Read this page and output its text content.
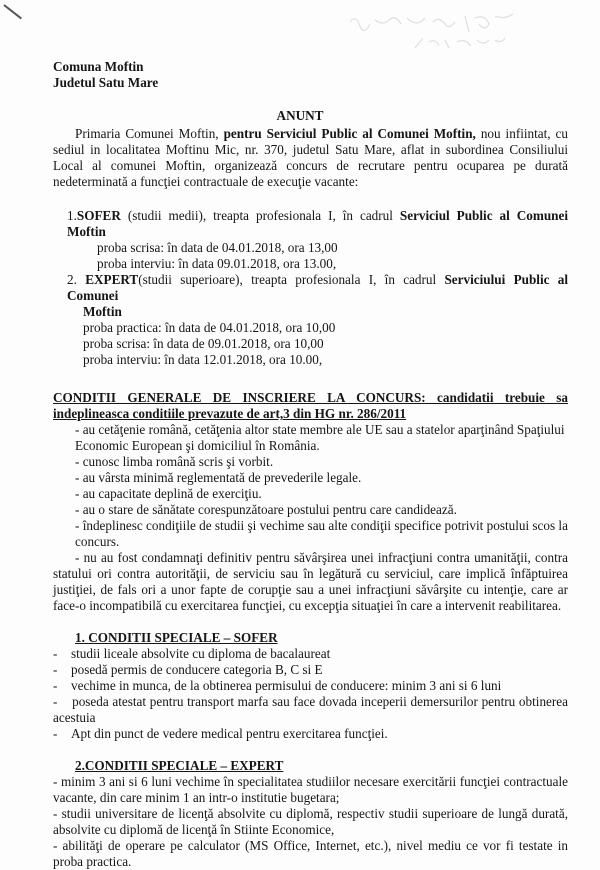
Comuna Moftin
Judetul Satu Mare
ANUNT

Primaria Comunei Moftin, pentru Serviciul Public al Comunei Moftin, nou infiintat, cu sediul in localitatea Moftinu Mic, nr. 370, judetul Satu Mare, aflat in subordinea Consiliului Local al comunei Moftin, organizează concurs de recrutare pentru ocuparea pe durată nedeterminată a funcţiei contractuale de execuţie vacante:

1.SOFER (studii medii), treapta profesionala I, în cadrul Serviciul Public al Comunei Moftin
proba scrisa: în data de 04.01.2018, ora 13,00
proba interviu: în data 09.01.2018, ora 13.00,
2. EXPERT(studii superioare), treapta profesionala I, în cadrul Serviciului Public al Comunei
Moftin
proba practica: în data de 04.01.2018, ora 10,00
proba scrisa: în data de 09.01.2018, ora 10,00
proba interviu: în data 12.01.2018, ora 10.00,

CONDITII GENERALE DE INSCRIERE LA CONCURS: candidatii trebuie sa indeplineasca conditiile prevazute de art,3 din HG nr. 286/2011

- au cetăţenie română, cetăţenia altor state membre ale UE sau a statelor aparţinând Spaţiului Economic European şi domiciliul în România.
- cunosc limba română scris şi vorbit.
- au vârsta minimă reglementată de prevederile legale.
- au capacitate deplină de exerciţiu.
- au o stare de sănătate corespunzătoare postului pentru care candidează.
- îndeplinesc condiţiile de studii şi vechime sau alte condiţii specifice potrivit postului scos la concurs.

- nu au fost condamnaţi definitiv pentru săvârşirea unei infracţiuni contra umanităţii, contra statului ori contra autorităţii, de serviciu sau în legătură cu serviciul, care implică înfăptuirea justiţiei, de fals ori a unor fapte de corupţie sau a unei infracţiuni săvârşite cu intenţie, care ar face-o incompatibilă cu exercitarea funcţiei, cu excepţia situaţiei în care a intervenit reabilitarea.

1. CONDITII SPECIALE – SOFER
-	studii liceale absolvite cu diploma de bacalaureat
-	posedă permis de conducere categoria B, C si E
-	vechime in munca, de la obtinerea permisului de conducere: minim 3 ani si 6 luni
-    poseda atestat pentru transport marfa sau face dovada inceperii demersurilor pentru obtinerea acestuia
-	Apt din punct de vedere medical pentru exercitarea funcţiei.
2.CONDITII SPECIALE – EXPERT
- minim 3 ani si 6 luni vechime în specialitatea studiilor necesare exercitării funcţiei contractuale vacante, din care minim 1 an intr-o institutie bugetara;
- studii universitare de licenţă absolvite cu diplomă, respectiv studii superioare de lungă durată, absolvite cu diplomă de licenţă în Stiinte Economice,
- abilităţi de operare pe calculator (MS Office, Internet, etc.), nivel mediu ce vor fi testate in proba practica.
